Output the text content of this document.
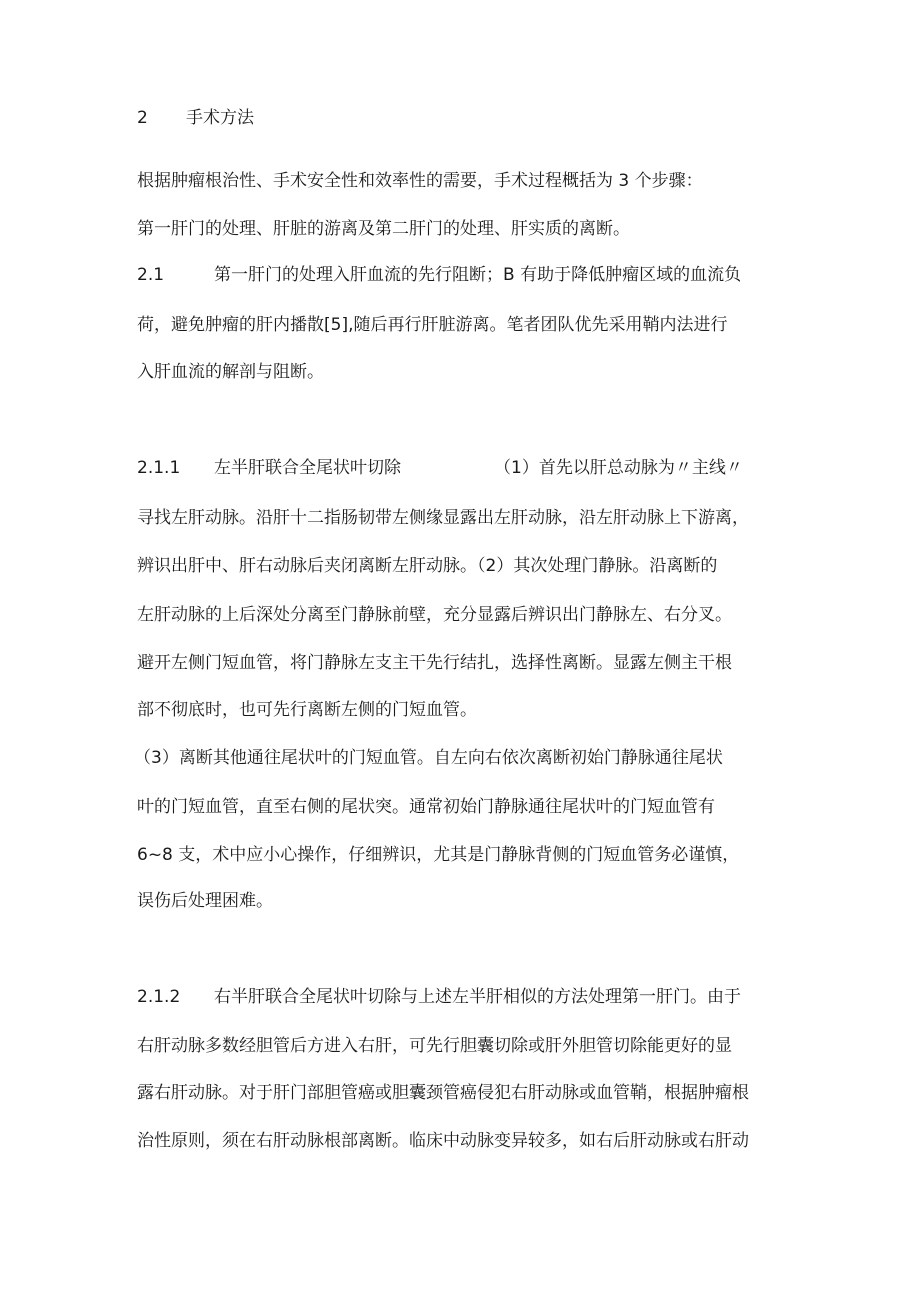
2 手术方法
根据肿瘤根治性、手术安全性和效率性的需要，手术过程概括为 3 个步骤：
第一肝门的处理、肝脏的游离及第二肝门的处理、肝实质的离断。
2.1	第一肝门的处理入肝血流的先行阻断；B 有助于降低肿瘤区域的血流负
荷，避免肿瘤的肝内播散[5],随后再行肝脏游离。笔者团队优先采用鞘内法进行
入肝血流的解剖与阻断。
2.1.1 左半肝联合全尾状叶切除	（1）首先以肝总动脉为〃主线〃
寻找左肝动脉。沿肝十二指肠韧带左侧缘显露出左肝动脉，沿左肝动脉上下游离，
辨识出肝中、肝右动脉后夹闭离断左肝动脉。（2）其次处理门静脉。沿离断的
左肝动脉的上后深处分离至门静脉前壁，充分显露后辨识出门静脉左、右分叉。
避开左侧门短血管，将门静脉左支主干先行结扎，选择性离断。显露左侧主干根
部不彻底时，也可先行离断左侧的门短血管。
（3）离断其他通往尾状叶的门短血管。自左向右依次离断初始门静脉通往尾状
叶的门短血管，直至右侧的尾状突。通常初始门静脉通往尾状叶的门短血管有
6~8 支，术中应小心操作，仔细辨识，尤其是门静脉背侧的门短血管务必谨慎，
误伤后处理困难。
2.1.2 右半肝联合全尾状叶切除与上述左半肝相似的方法处理第一肝门。由于
右肝动脉多数经胆管后方进入右肝，可先行胆囊切除或肝外胆管切除能更好的显
露右肝动脉。对于肝门部胆管癌或胆囊颈管癌侵犯右肝动脉或血管鞘，根据肿瘤根
治性原则，须在右肝动脉根部离断。临床中动脉变异较多，如右后肝动脉或右肝动
